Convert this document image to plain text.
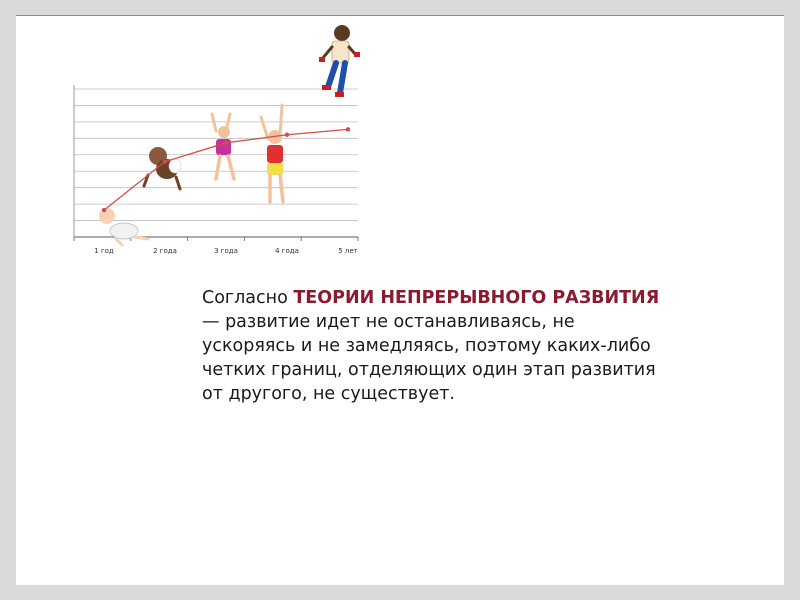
1 год	2 года	3 года	4 года	5 лет

Согласно ТЕОРИИ НЕПРЕРЫВНОГО РАЗВИТИЯ — развитие идет не останавливаясь, не ускоряясь и не замедляясь, поэтому каких-либо четких границ, отделяющих один этап развития от другого, не существует.
